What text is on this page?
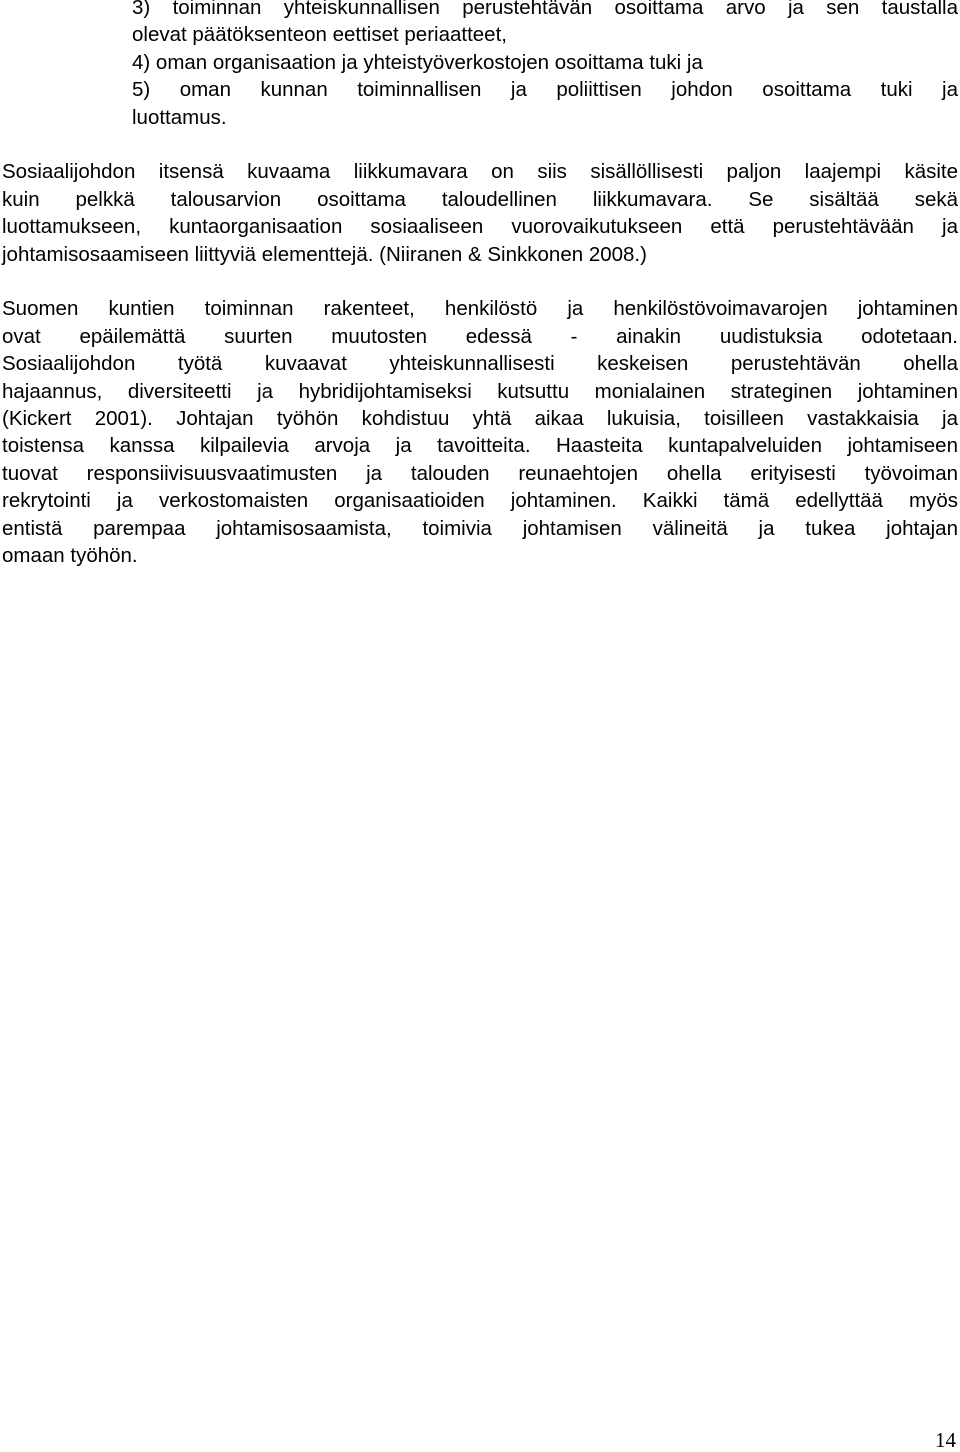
3) toiminnan yhteiskunnallisen perustehtävän osoittama arvo ja sen taustalla

olevat päätöksenteon eettiset periaatteet,

4) oman organisaation ja yhteistyöverkostojen osoittama tuki ja

5) oman kunnan toiminnallisen ja poliittisen johdon osoittama tuki ja

luottamus.

Sosiaalijohdon itsensä kuvaama liikkumavara on siis sisällöllisesti paljon laajempi käsite

kuin pelkkä talousarvion osoittama taloudellinen liikkumavara. Se sisältää sekä

luottamukseen, kuntaorganisaation sosiaaliseen vuorovaikutukseen että perustehtävään ja

johtamisosaamiseen liittyviä elementtejä. (Niiranen & Sinkkonen 2008.)

Suomen kuntien toiminnan rakenteet, henkilöstö ja henkilöstövoimavarojen johtaminen

ovat epäilemättä suurten muutosten edessä - ainakin uudistuksia odotetaan.

Sosiaalijohdon työtä kuvaavat yhteiskunnallisesti keskeisen perustehtävän ohella

hajaannus, diversiteetti ja hybridijohtamiseksi kutsuttu monialainen strateginen johtaminen

(Kickert 2001). Johtajan työhön kohdistuu yhtä aikaa lukuisia, toisilleen vastakkaisia ja

toistensa kanssa kilpailevia arvoja ja tavoitteita. Haasteita kuntapalveluiden johtamiseen

tuovat responsiivisuusvaatimusten ja talouden reunaehtojen ohella erityisesti työvoiman

rekrytointi ja verkostomaisten organisaatioiden johtaminen. Kaikki tämä edellyttää myös

entistä parempaa johtamisosaamista, toimivia johtamisen välineitä ja tukea johtajan

omaan työhön.

14
